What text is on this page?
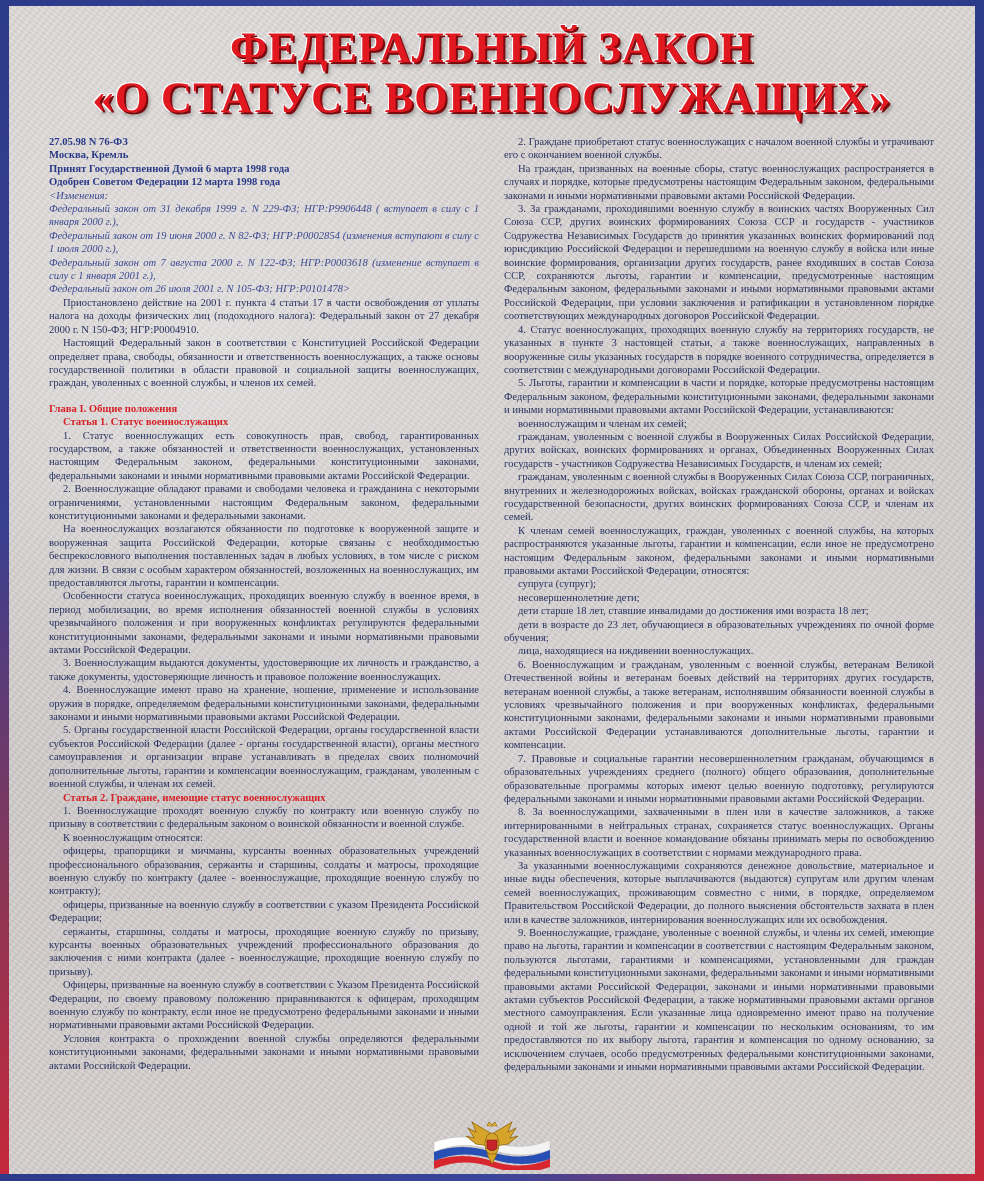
ФЕДЕРАЛЬНЫЙ ЗАКОН
«О СТАТУСЕ ВОЕННОСЛУЖАЩИХ»

27.05.98 N 76-ФЗ

Москва, Кремль

Принят Государственной Думой 6 марта 1998 года

Одобрен Советом Федерации 12 марта 1998 года

<Изменения:

Федеральный закон от 31 декабря 1999 г. N 229-ФЗ; НГР:Р9906448 ( вступает в силу с 1 января 2000 г.),

Федеральный закон от 19 июня 2000 г. N 82-ФЗ; НГР:Р0002854 (изменения вступают в силу с 1 июля 2000 г.),

Федеральный закон от 7 августа 2000 г. N 122-ФЗ; НГР:Р0003618 (изменение вступает в силу с 1 января 2001 г.),

Федеральный закон от 26 июля 2001 г. N 105-ФЗ; НГР:Р0101478>

Приостановлено действие на 2001 г. пункта 4 статьи 17 в части освобождения от уплаты налога на доходы физических лиц (подоходного налога): Федеральный закон от 27 декабря 2000 г. N 150-ФЗ; НГР:Р0004910.

Настоящий Федеральный закон в соответствии с Конституцией Российской Федерации определяет права, свободы, обязанности и ответственность военнослужащих, а также основы государственной политики в области правовой и социальной защиты военнослужащих, граждан, уволенных с военной службы, и членов их семей.

Глава I. Общие положения

Статья 1. Статус военнослужащих

1. Статус военнослужащих есть совокупность прав, свобод, гарантированных государством, а также обязанностей и ответственности военнослужащих, установленных настоящим Федеральным законом, федеральными конституционными законами, федеральными законами и иными нормативными правовыми актами Российской Федерации.

2. Военнослужащие обладают правами и свободами человека и гражданина с некоторыми ограничениями, установленными настоящим Федеральным законом, федеральными конституционными законами и федеральными законами.

На военнослужащих возлагаются обязанности по подготовке к вооруженной защите и вооруженная защита Российской Федерации, которые связаны с необходимостью беспрекословного выполнения поставленных задач в любых условиях, в том числе с риском для жизни. В связи с особым характером обязанностей, возложенных на военнослужащих, им предоставляются льготы, гарантии и компенсации.

Особенности статуса военнослужащих, проходящих военную службу в военное время, в период мобилизации, во время исполнения обязанностей военной службы в условиях чрезвычайного положения и при вооруженных конфликтах регулируются федеральными конституционными законами, федеральными законами и иными нормативными правовыми актами Российской Федерации.

3. Военнослужащим выдаются документы, удостоверяющие их личность и гражданство, а также документы, удостоверяющие личность и правовое положение военнослужащих.

4. Военнослужащие имеют право на хранение, ношение, применение и использование оружия в порядке, определяемом федеральными конституционными законами, федеральными законами и иными нормативными правовыми актами Российской Федерации.

5. Органы государственной власти Российской Федерации, органы государственной власти субъектов Российской Федерации (далее - органы государственной власти), органы местного самоуправления и организации вправе устанавливать в пределах своих полномочий дополнительные льготы, гарантии и компенсации военнослужащим, гражданам, уволенным с военной службы, и членам их семей.

Статья 2. Граждане, имеющие статус военнослужащих

1. Военнослужащие проходят военную службу по контракту или военную службу по призыву в соответствии с федеральным законом о воинской обязанности и военной службе.

К военнослужащим относятся:

офицеры, прапорщики и мичманы, курсанты военных образовательных учреждений профессионального образования, сержанты и старшины, солдаты и матросы, проходящие военную службу по контракту (далее - военнослужащие, проходящие военную службу по контракту);

офицеры, призванные на военную службу в соответствии с указом Президента Российской Федерации;

сержанты, старшины, солдаты и матросы, проходящие военную службу по призыву, курсанты военных образовательных учреждений профессионального образования до заключения с ними контракта (далее - военнослужащие, проходящие военную службу по призыву).

Офицеры, призванные на военную службу в соответствии с Указом Президента Российской Федерации, по своему правовому положению приравниваются к офицерам, проходящим военную службу по контракту, если иное не предусмотрено федеральными законами и иными нормативными правовыми актами Российской Федерации.

Условия контракта о прохождении военной службы определяются федеральными конституционными законами, федеральными законами и иными нормативными правовыми актами Российской Федерации.

2. Граждане приобретают статус военнослужащих с началом военной службы и утрачивают его с окончанием военной службы.

На граждан, призванных на военные сборы, статус военнослужащих распространяется в случаях и порядке, которые предусмотрены настоящим Федеральным законом, федеральными законами и иными нормативными правовыми актами Российской Федерации.

3. За гражданами, проходившими военную службу в воинских частях Вооруженных Сил Союза ССР, других воинских формированиях Союза ССР и государств - участников Содружества Независимых Государств до принятия указанных воинских формирований под юрисдикцию Российской Федерации и перешедшими на военную службу в войска или иные воинские формирования, организации других государств, ранее входивших в состав Союза ССР, сохраняются льготы, гарантии и компенсации, предусмотренные настоящим Федеральным законом, федеральными законами и иными нормативными правовыми актами Российской Федерации, при условии заключения и ратификации в установленном порядке соответствующих международных договоров Российской Федерации.

4. Статус военнослужащих, проходящих военную службу на территориях государств, не указанных в пункте 3 настоящей статьи, а также военнослужащих, направленных в вооруженные силы указанных государств в порядке военного сотрудничества, определяется в соответствии с международными договорами Российской Федерации.

5. Льготы, гарантии и компенсации в части и порядке, которые предусмотрены настоящим Федеральным законом, федеральными конституционными законами, федеральными законами и иными нормативными правовыми актами Российской Федерации, устанавливаются:

военнослужащим и членам их семей;

гражданам, уволенным с военной службы в Вооруженных Силах Российской Федерации, других войсках, воинских формированиях и органах, Объединенных Вооруженных Силах государств - участников Содружества Независимых Государств, и членам их семей;

гражданам, уволенным с военной службы в Вооруженных Силах Союза ССР, пограничных, внутренних и железнодорожных войсках, войсках гражданской обороны, органах и войсках государственной безопасности, других воинских формированиях Союза ССР, и членам их семей.

К членам семей военнослужащих, граждан, уволенных с военной службы, на которых распространяются указанные льготы, гарантии и компенсации, если иное не предусмотрено настоящим Федеральным законом, федеральными законами и иными нормативными правовыми актами Российской Федерации, относятся:

супруга (супруг);

несовершеннолетние дети;

дети старше 18 лет, ставшие инвалидами до достижения ими возраста 18 лет;

дети в возрасте до 23 лет, обучающиеся в образовательных учреждениях по очной форме обучения;

лица, находящиеся на иждивении военнослужащих.

6. Военнослужащим и гражданам, уволенным с военной службы, ветеранам Великой Отечественной войны и ветеранам боевых действий на территориях других государств, ветеранам военной службы, а также ветеранам, исполнявшим обязанности военной службы в условиях чрезвычайного положения и при вооруженных конфликтах, федеральными конституционными законами, федеральными законами и иными нормативными правовыми актами Российской Федерации устанавливаются дополнительные льготы, гарантии и компенсации.

7. Правовые и социальные гарантии несовершеннолетним гражданам, обучающимся в образовательных учреждениях среднего (полного) общего образования, дополнительные образовательные программы которых имеют целью военную подготовку, регулируются федеральными законами и иными нормативными правовыми актами Российской Федерации.

8. За военнослужащими, захваченными в плен или в качестве заложников, а также интернированными в нейтральных странах, сохраняется статус военнослужащих. Органы государственной власти и военное командование обязаны принимать меры по освобождению указанных военнослужащих в соответствии с нормами международного права.

За указанными военнослужащими сохраняются денежное довольствие, материальное и иные виды обеспечения, которые выплачиваются (выдаются) супругам или другим членам семей военнослужащих, проживающим совместно с ними, в порядке, определяемом Правительством Российской Федерации, до полного выяснения обстоятельств захвата в плен или в качестве заложников, интернирования военнослужащих или их освобождения.

9. Военнослужащие, граждане, уволенные с военной службы, и члены их семей, имеющие право на льготы, гарантии и компенсации в соответствии с настоящим Федеральным законом, пользуются льготами, гарантиями и компенсациями, установленными для граждан федеральными конституционными законами, федеральными законами и иными нормативными правовыми актами Российской Федерации, законами и иными нормативными правовыми актами субъектов Российской Федерации, а также нормативными правовыми актами органов местного самоуправления. Если указанные лица одновременно имеют право на получение одной и той же льготы, гарантии и компенсации по нескольким основаниям, то им предоставляются по их выбору льгота, гарантия и компенсация по одному основанию, за исключением случаев, особо предусмотренных федеральными конституционными законами, федеральными законами и иными нормативными правовыми актами Российской Федерации.
